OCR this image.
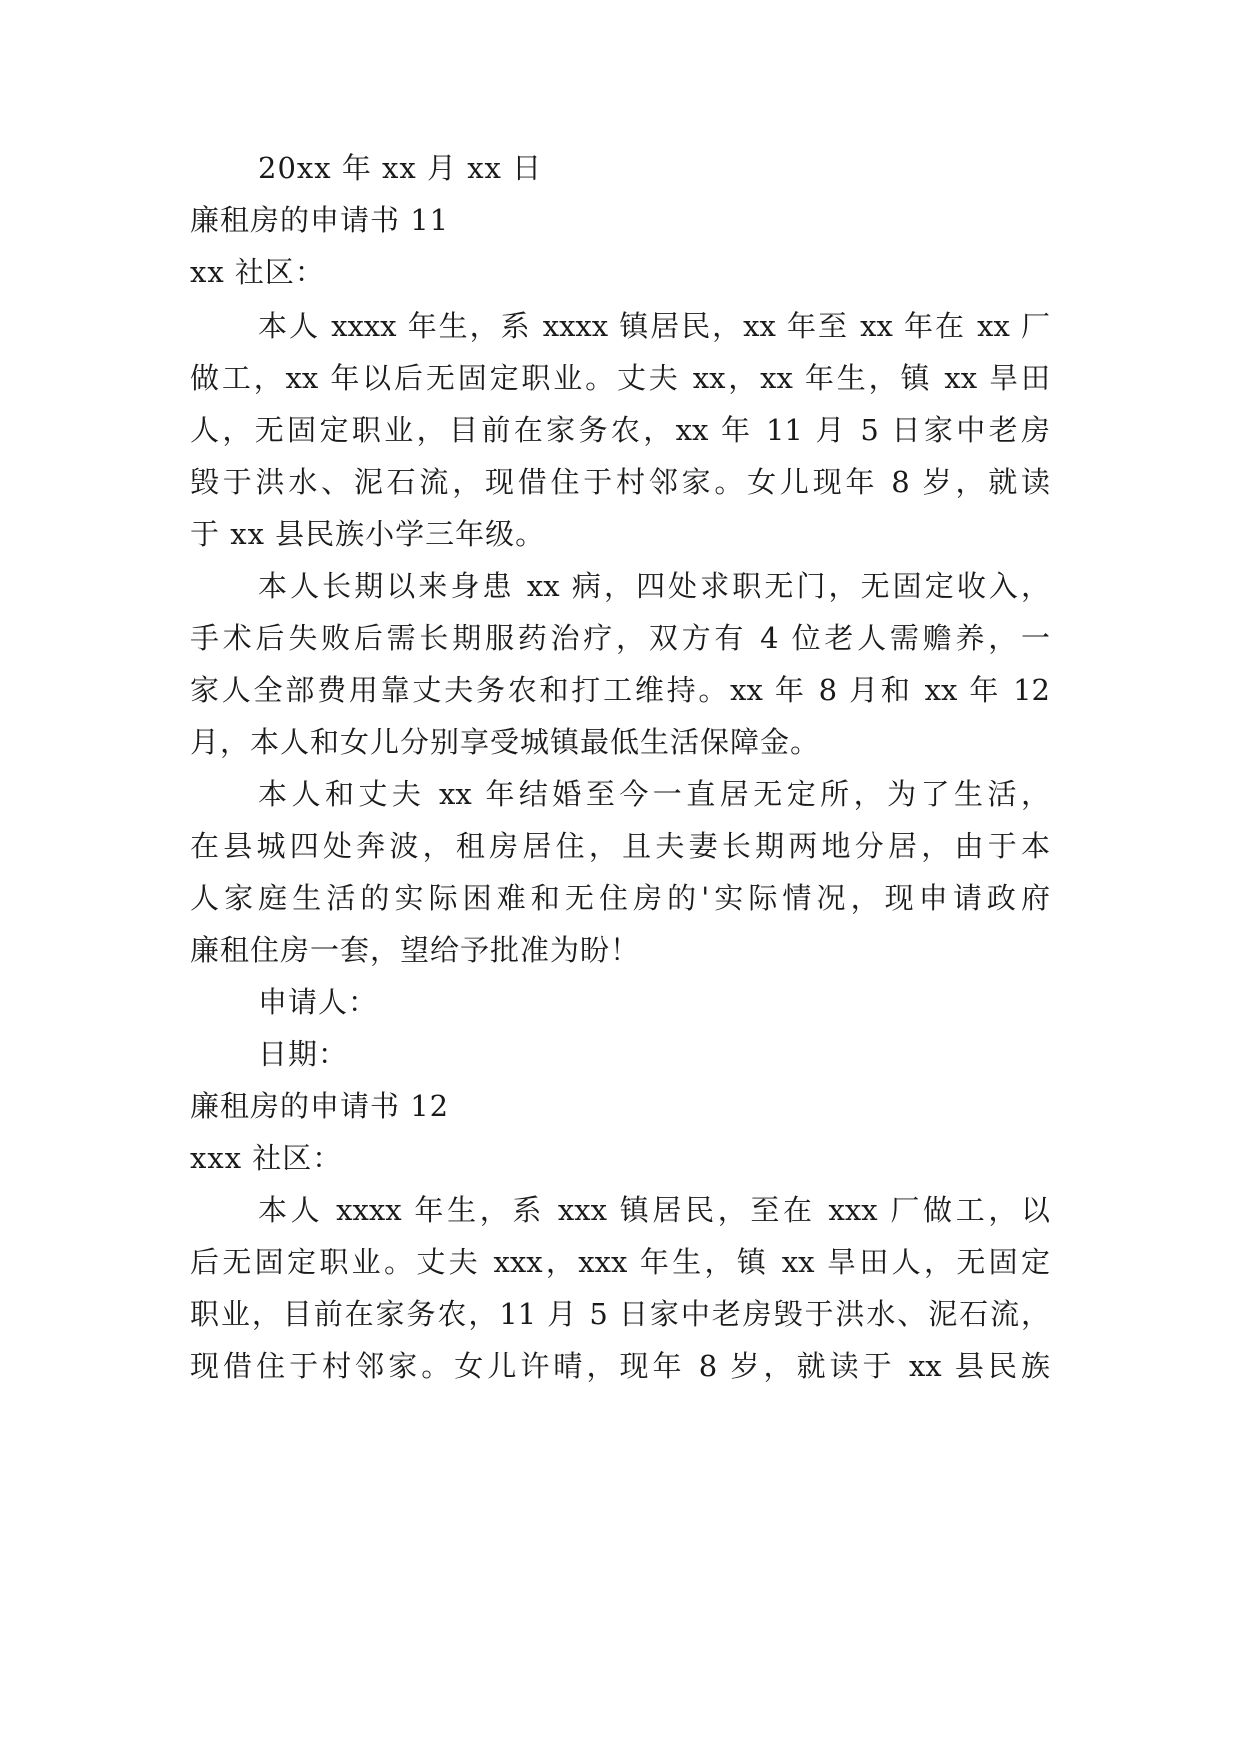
20xx 年 xx 月 xx 日
廉租房的申请书 11
xx 社区：
本人 xxxx 年生，系 xxxx 镇居民，xx 年至 xx 年在 xx 厂
做工，xx 年以后无固定职业。丈夫 xx，xx 年生，镇 xx 旱田
人，无固定职业，目前在家务农，xx 年 11 月 5 日家中老房
毁于洪水、泥石流，现借住于村邻家。女儿现年 8 岁，就读
于 xx 县民族小学三年级。
本人长期以来身患 xx 病，四处求职无门，无固定收入，
手术后失败后需长期服药治疗，双方有 4 位老人需赡养，一
家人全部费用靠丈夫务农和打工维持。xx 年 8 月和 xx 年 12
月，本人和女儿分别享受城镇最低生活保障金。
本人和丈夫 xx 年结婚至今一直居无定所，为了生活，
在县城四处奔波，租房居住，且夫妻长期两地分居，由于本
人家庭生活的实际困难和无住房的'实际情况，现申请政府
廉租住房一套，望给予批准为盼！
申请人：
日期：
廉租房的申请书 12
xxx 社区：
本人 xxxx 年生，系 xxx 镇居民，至在 xxx 厂做工，以
后无固定职业。丈夫 xxx，xxx 年生，镇 xx 旱田人，无固定
职业，目前在家务农，11 月 5 日家中老房毁于洪水、泥石流，
现借住于村邻家。女儿许晴，现年 8 岁，就读于 xx 县民族
